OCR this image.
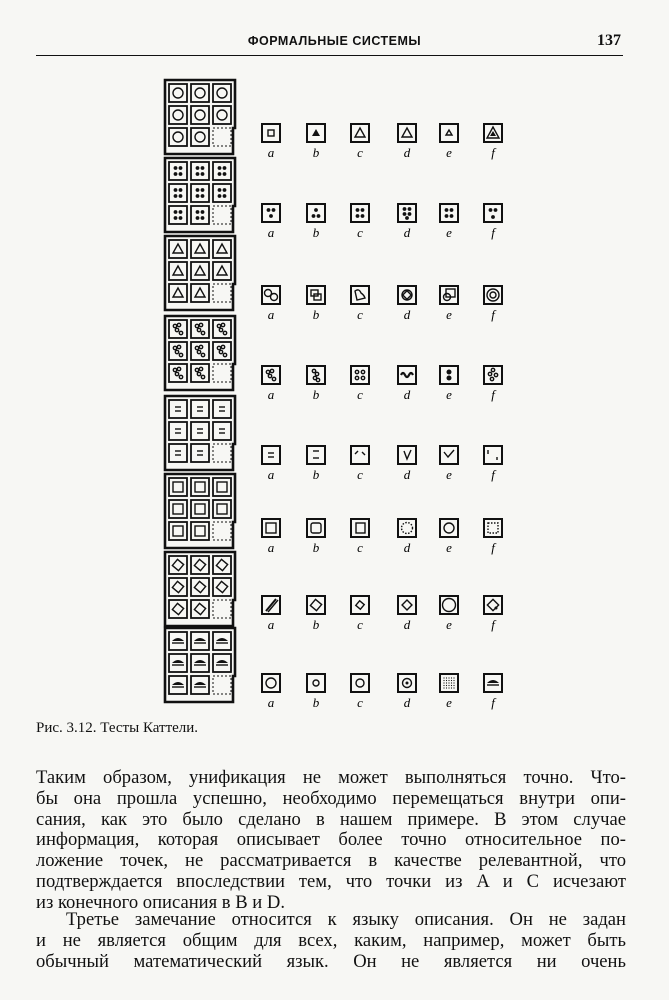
ФОРМАЛЬНЫЕ СИСТЕМЫ	137
a	b	c	d	e	f
a	b	c	d	e	f
a	b	c	d	e	f
a	b	c	d	e	f
a	b	c	d	e	f
a	b	c	d	e	f
a	b	c	d	e	f
a	b	c	d	e	f
Рис. 3.12. Тесты Каттели.
Таким образом, унификация не может выполняться точно. Что-
бы она прошла успешно, необходимо перемещаться внутри опи-
сания, как это было сделано в нашем примере. В этом случае
информация, которая описывает более точно относительное по-
ложение точек, не рассматривается в качестве релевантной, что
подтверждается впоследствии тем, что точки из A и C исчезают
из конечного описания в B и D.
Третье замечание относится к языку описания. Он не задан
и не является общим для всех, каким, например, может быть
обычный математический язык. Он не является ни очень
